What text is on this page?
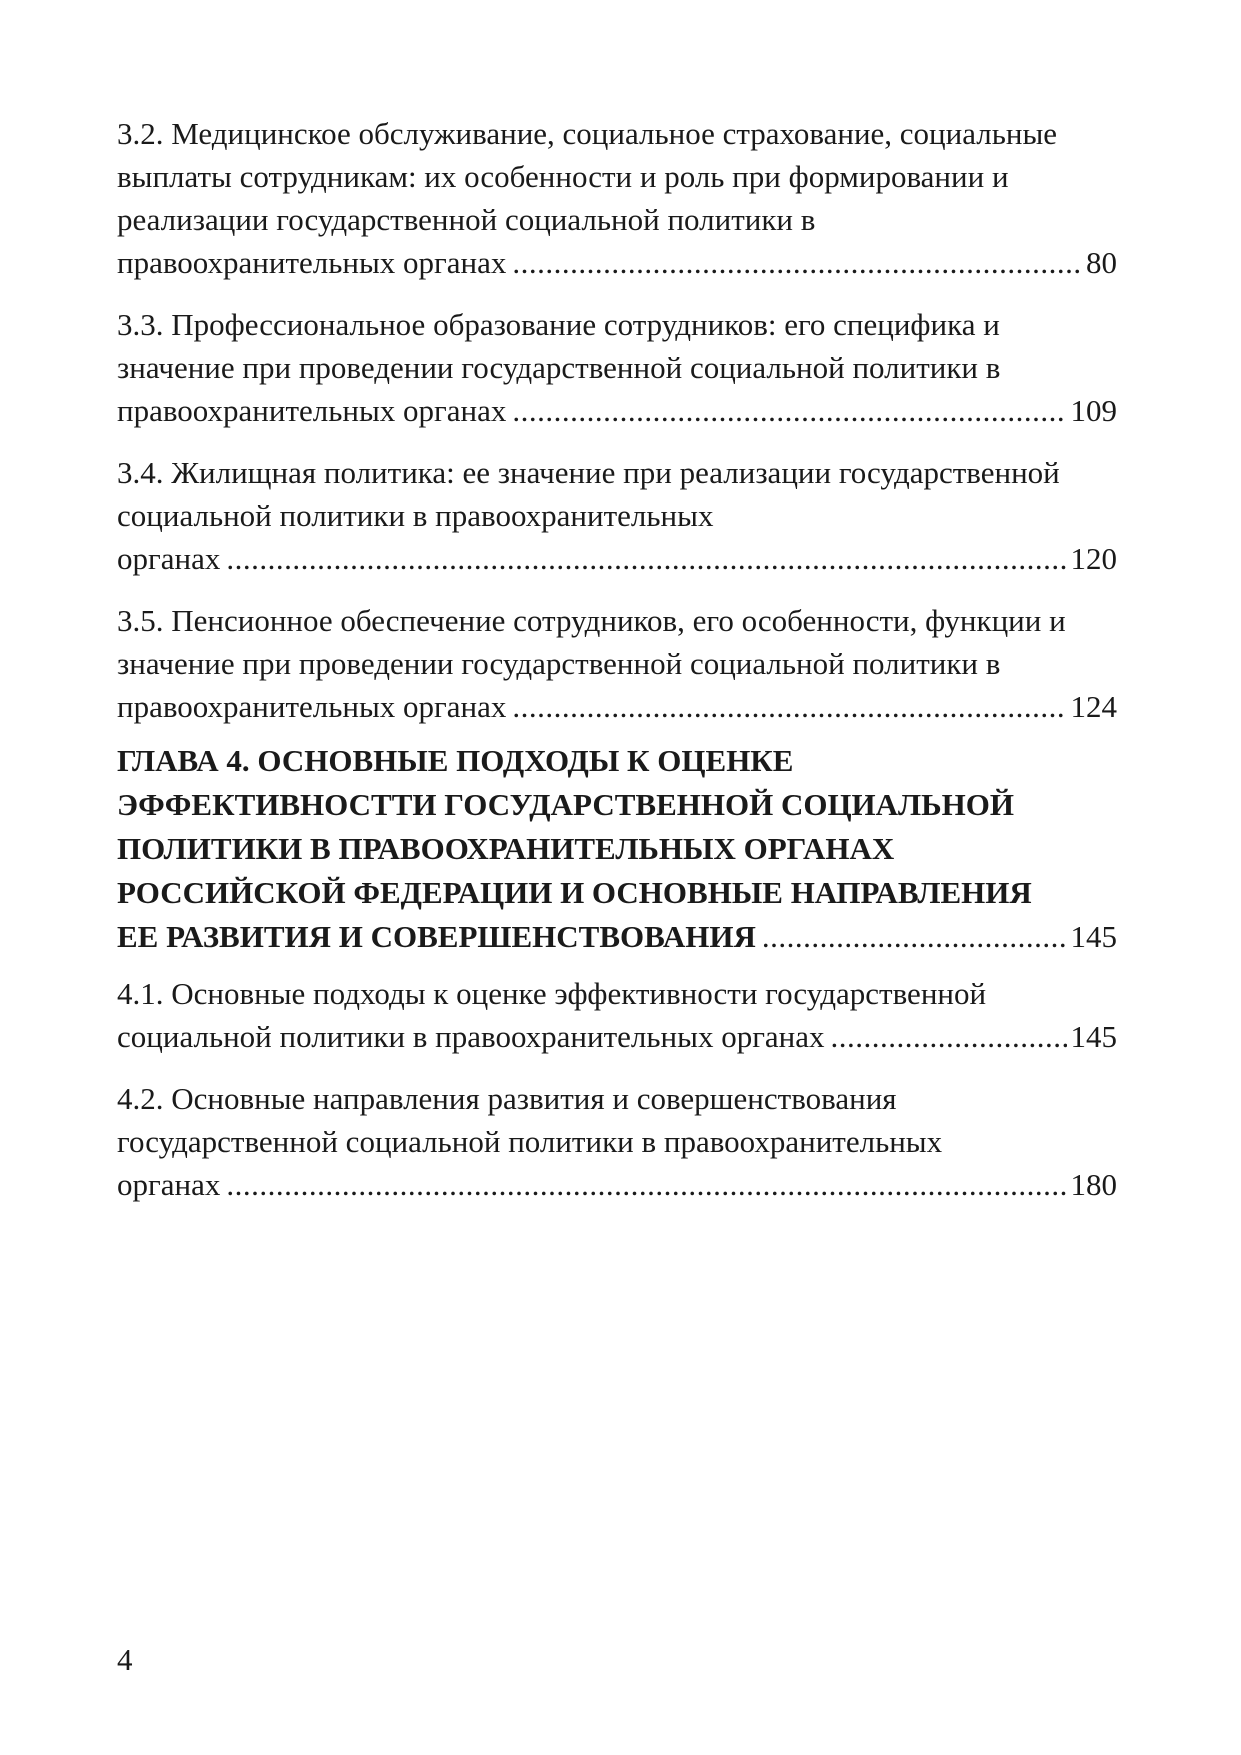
3.2. Медицинское обслуживание, социальное страхование, социальные выплаты сотрудникам: их особенности и роль при формировании и реализации государственной социальной политики в
правоохранительных органах .....	80
3.3. Профессиональное образование сотрудников: его специфика и значение при проведении государственной социальной политики в
правоохранительных органах .....	109
3.4. Жилищная политика: ее значение при реализации государственной социальной политики в правоохранительных
органах .....	120
3.5. Пенсионное обеспечение сотрудников, его особенности, функции и значение при проведении государственной социальной политики в
правоохранительных органах .....	124
ГЛАВА 4. ОСНОВНЫЕ ПОДХОДЫ К ОЦЕНКЕ ЭФФЕКТИВНОСТТИ ГОСУДАРСТВЕННОЙ СОЦИАЛЬНОЙ ПОЛИТИКИ В ПРАВООХРАНИТЕЛЬНЫХ ОРГАНАХ РОССИЙСКОЙ ФЕДЕРАЦИИ И ОСНОВНЫЕ НАПРАВЛЕНИЯ
ЕЕ РАЗВИТИЯ И СОВЕРШЕНСТВОВАНИЯ .....	145
4.1. Основные подходы к оценке эффективности государственной
социальной политики в правоохранительных органах .....	145
4.2. Основные направления развития и совершенствования государственной социальной политики в правоохранительных
органах .....	180
4
